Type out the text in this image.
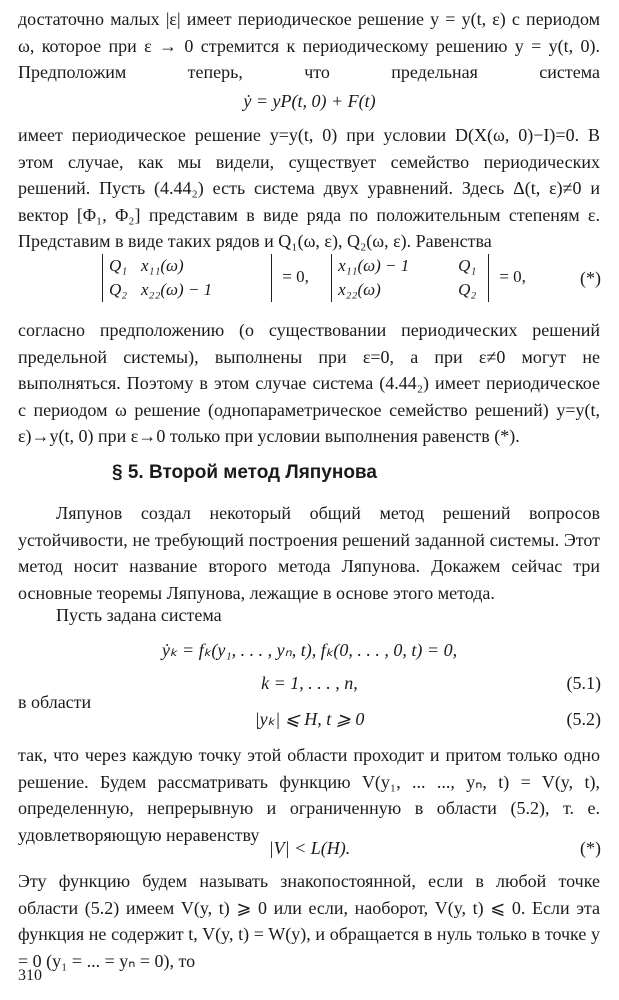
достаточно малых |ε| имеет периодическое решение y = y(t, ε) с периодом ω, которое при ε → 0 стремится к периодическому решению y = y(t, 0). Предположим теперь, что предельная система
ẏ = yP(t, 0) + F(t)
имеет периодическое решение y=y(t, 0) при условии D(X(ω, 0)−I)=0. В этом случае, как мы видели, существует семейство периодических решений. Пусть (4.44₂) есть система двух уравнений. Здесь Δ(t, ε)≠0 и вектор [Φ₁, Φ₂] представим в виде ряда по положительным степеням ε. Представим в виде таких рядов и Q₁(ω, ε), Q₂(ω, ε). Равенства
Q₁ x₁₁(ω)
Q₂ x₂₂(ω) − 1
= 0,
x₁₁(ω) − 1	Q₁
x₂₂(ω)	Q₂
= 0,	(*)
согласно предположению (о существовании периодических решений предельной системы), выполнены при ε=0, а при ε≠0 могут не выполняться. Поэтому в этом случае система (4.44₂) имеет периодическое с периодом ω решение (однопараметрическое семейство решений) y=y(t, ε)→y(t, 0) при ε→0 только при условии выполнения равенств (*).
§ 5. Второй метод Ляпунова
Ляпунов создал некоторый общий метод решений вопросов устойчивости, не требующий построения решений заданной системы. Этот метод носит название второго метода Ляпунова. Докажем сейчас три основные теоремы Ляпунова, лежащие в основе этого метода.
Пусть задана система
ẏₖ = fₖ(y₁, . . . , yₙ, t), fₖ(0, . . . , 0, t) = 0,
k = 1, . . . , n,	(5.1)
в области
|yₖ| ⩽ H, t ⩾ 0	(5.2)
так, что через каждую точку этой области проходит и притом только одно решение. Будем рассматривать функцию V(y₁, ... ..., yₙ, t) = V(y, t), определенную, непрерывную и ограниченную в области (5.2), т. е. удовлетворяющую неравенству
|V| < L(H).	(*)
Эту функцию будем называть знакопостоянной, если в любой точке области (5.2) имеем V(y, t) ⩾ 0 или если, наоборот, V(y, t) ⩽ 0. Если эта функция не содержит t, V(y, t) = W(y), и обращается в нуль только в точке y = 0 (y₁ = ... = yₙ = 0), то
310
